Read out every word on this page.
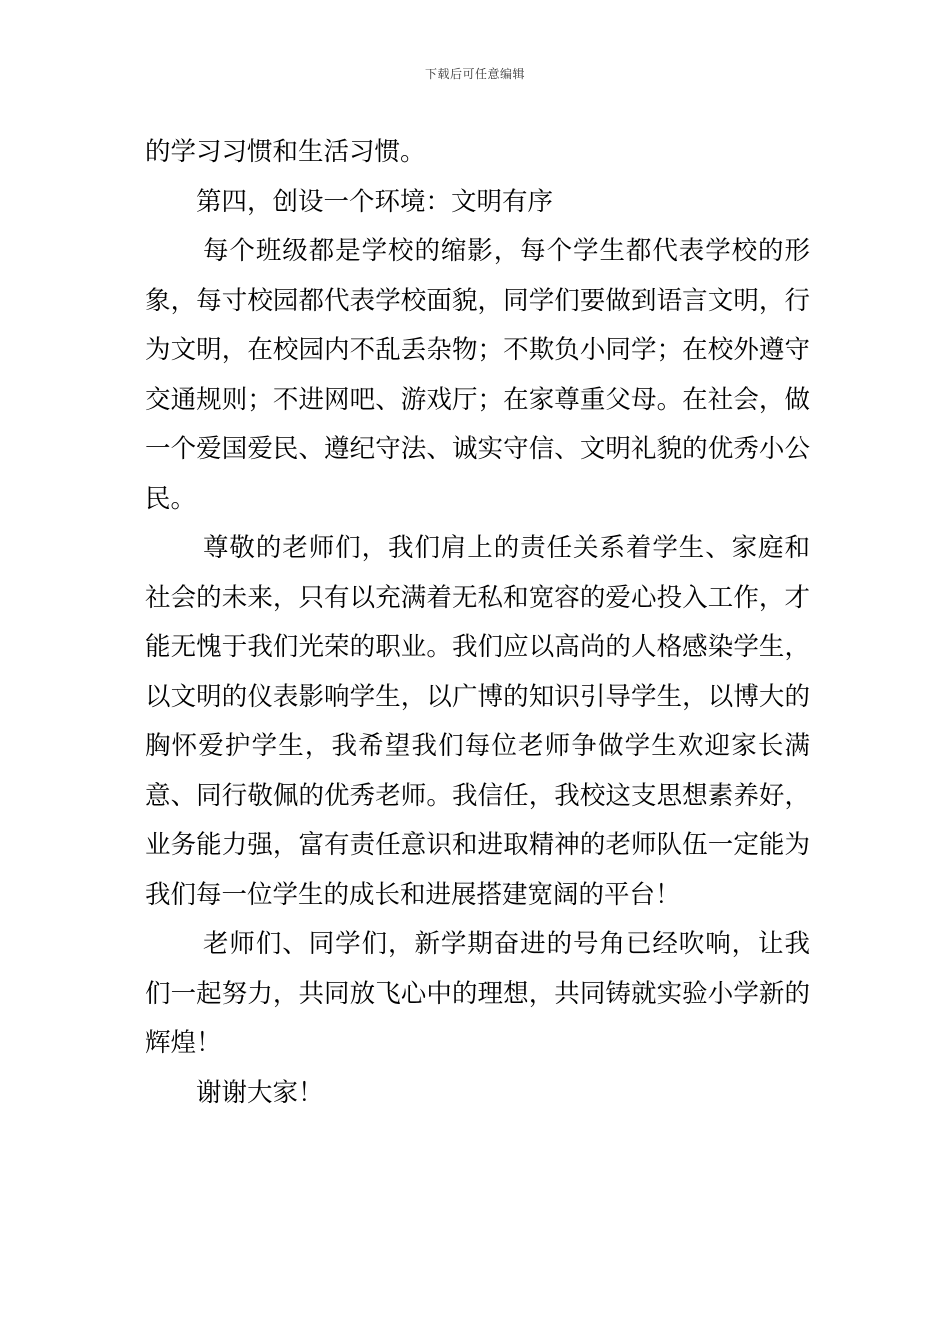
下载后可任意编辑

的学习习惯和生活习惯。

第四，创设一个环境：文明有序

每个班级都是学校的缩影，每个学生都代表学校的形象，每寸校园都代表学校面貌，同学们要做到语言文明，行为文明，在校园内不乱丢杂物；不欺负小同学；在校外遵守交通规则；不进网吧、游戏厅；在家尊重父母。在社会，做一个爱国爱民、遵纪守法、诚实守信、文明礼貌的优秀小公民。

尊敬的老师们，我们肩上的责任关系着学生、家庭和社会的未来，只有以充满着无私和宽容的爱心投入工作，才能无愧于我们光荣的职业。我们应以高尚的人格感染学生，以文明的仪表影响学生，以广博的知识引导学生，以博大的胸怀爱护学生，我希望我们每位老师争做学生欢迎家长满意、同行敬佩的优秀老师。我信任，我校这支思想素养好，业务能力强，富有责任意识和进取精神的老师队伍一定能为我们每一位学生的成长和进展搭建宽阔的平台！

老师们、同学们，新学期奋进的号角已经吹响，让我们一起努力，共同放飞心中的理想，共同铸就实验小学新的辉煌！

谢谢大家！
